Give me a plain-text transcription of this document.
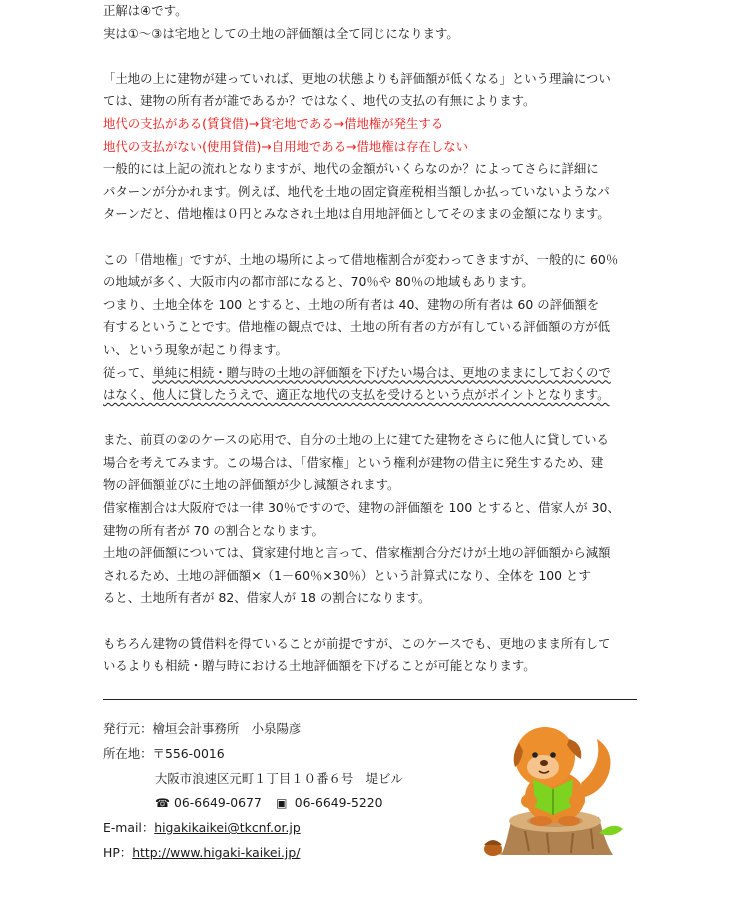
正解は④です。
実は①～③は宅地としての土地の評価額は全て同じになります。
「土地の上に建物が建っていれば、更地の状態よりも評価額が低くなる」という理論につい
ては、建物の所有者が誰であるか？ではなく、地代の支払の有無によります。
地代の支払がある(賃貸借)→貸宅地である→借地権が発生する
地代の支払がない(使用貸借)→自用地である→借地権は存在しない
一般的には上記の流れとなりますが、地代の金額がいくらなのか？によってさらに詳細に
パターンが分かれます。例えば、地代を土地の固定資産税相当額しか払っていないようなパ
ターンだと、借地権は０円とみなされ土地は自用地評価としてそのままの金額になります。
この「借地権」ですが、土地の場所によって借地権割合が変わってきますが、一般的に 60％
の地域が多く、大阪市内の都市部になると、70％や 80％の地域もあります。
つまり、土地全体を 100 とすると、土地の所有者は 40、建物の所有者は 60 の評価額を
有するということです。借地権の観点では、土地の所有者の方が有している評価額の方が低
い、という現象が起こり得ます。
従って、単純に相続・贈与時の土地の評価額を下げたい場合は、更地のままにしておくので
はなく、他人に貸したうえで、適正な地代の支払を受けるという点がポイントとなります。
また、前頁の②のケースの応用で、自分の土地の上に建てた建物をさらに他人に貸している
場合を考えてみます。この場合は、「借家権」という権利が建物の借主に発生するため、建
物の評価額並びに土地の評価額が少し減額されます。
借家権割合は大阪府では一律 30％ですので、建物の評価額を 100 とすると、借家人が 30、
建物の所有者が 70 の割合となります。
土地の評価額については、貸家建付地と言って、借家権割合分だけが土地の評価額から減額
されるため、土地の評価額×（1－60％×30％）という計算式になり、全体を 100 とす
ると、土地所有者が 82、借家人が 18 の割合になります。
もちろん建物の賃借料を得ていることが前提ですが、このケースでも、更地のまま所有して
いるよりも相続・贈与時における土地評価額を下げることが可能となります。
発行元：檜垣会計事務所　小泉陽彦
所在地：〒556-0016
大阪市浪速区元町１丁目１０番６号　堤ビル
☎ 06-6649-0677 ▣ 06-6649-5220
E-mail：higakikaikei@tkcnf.or.jp
HP：http://www.higaki-kaikei.jp/
